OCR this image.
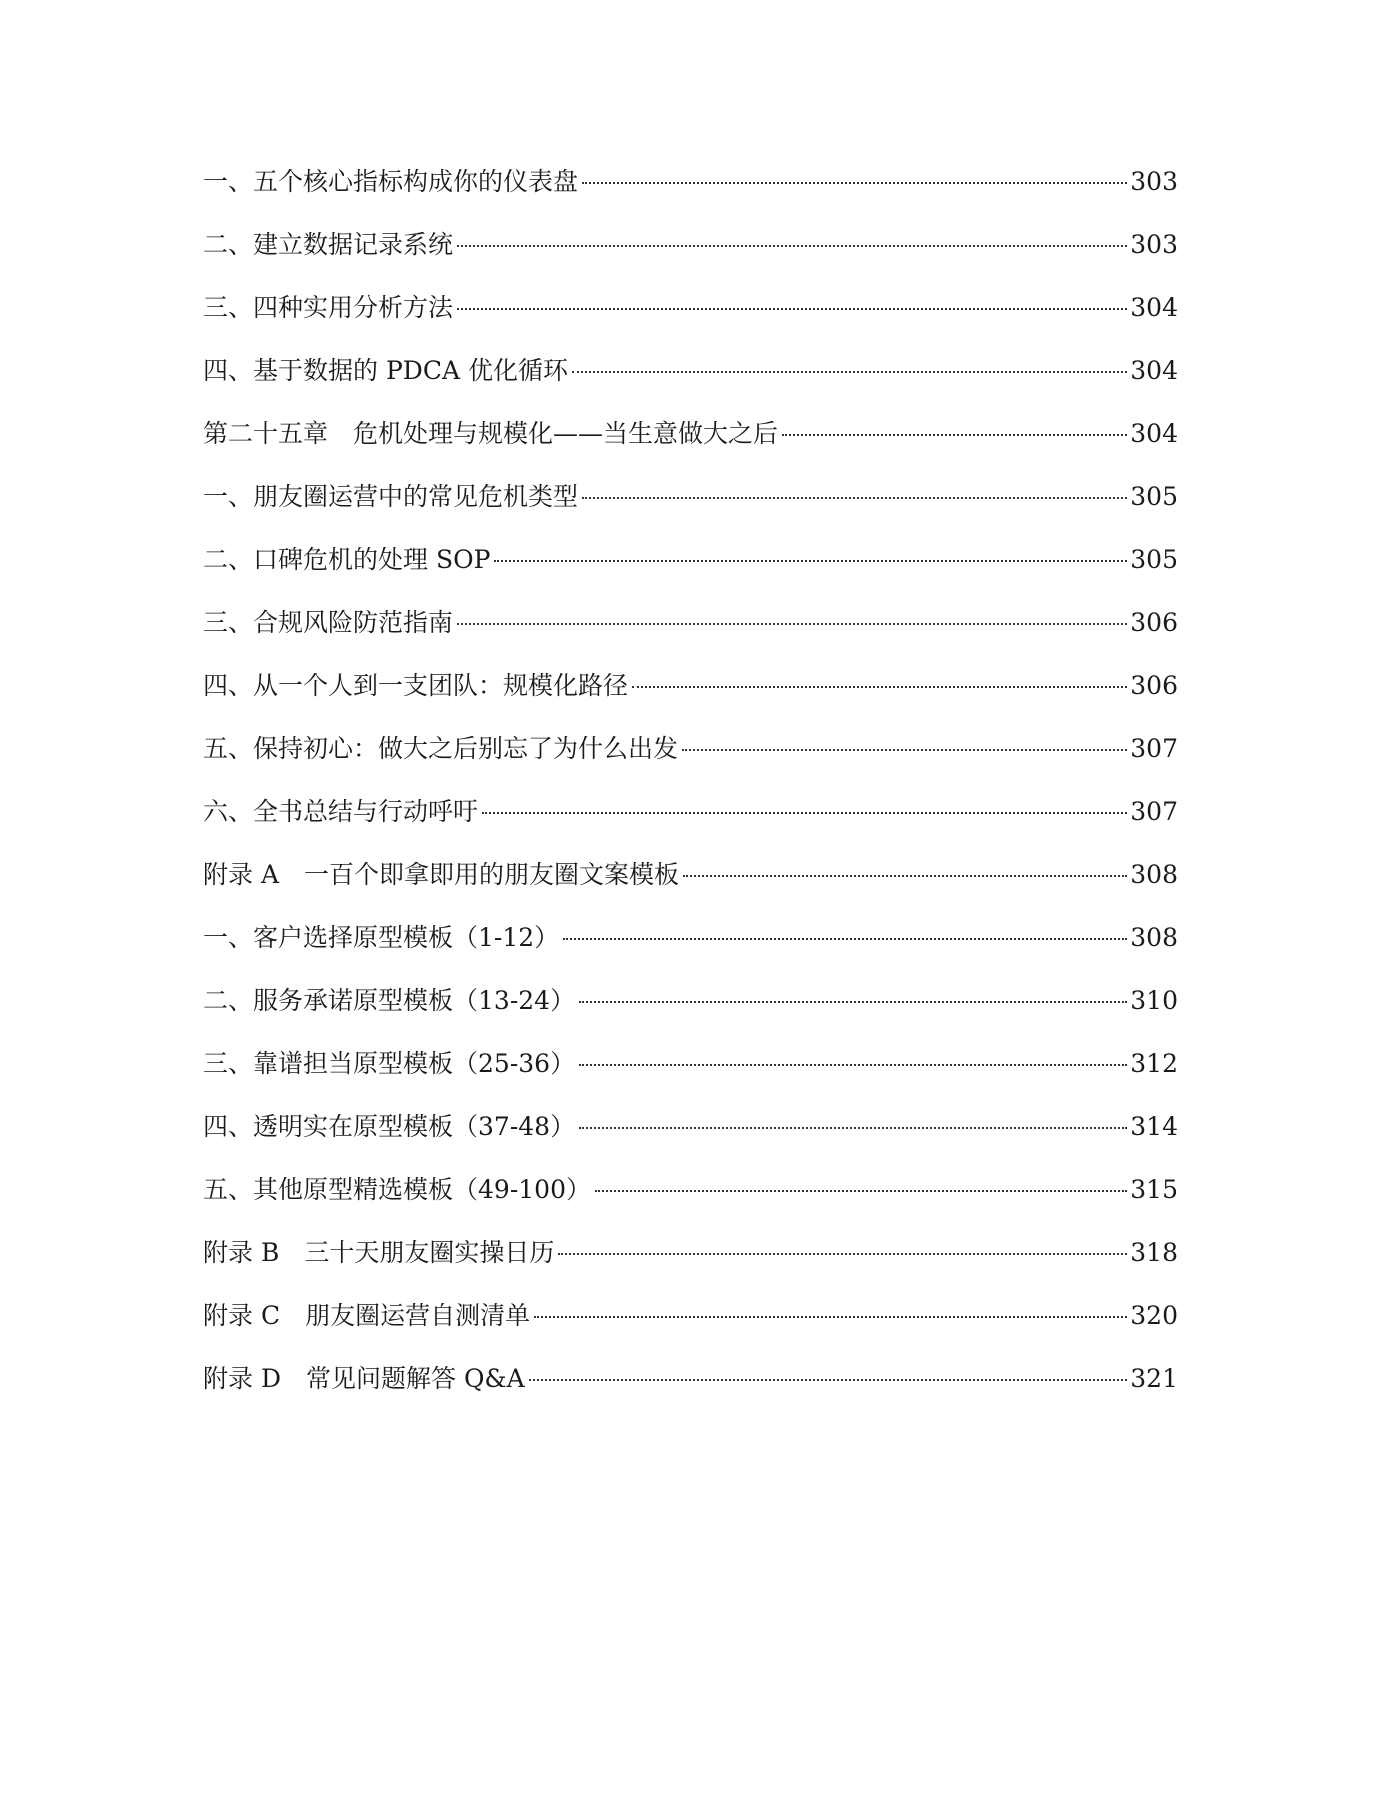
一、五个核心指标构成你的仪表盘	303
二、建立数据记录系统	303
三、四种实用分析方法	304
四、基于数据的 PDCA 优化循环	304
第二十五章　危机处理与规模化——当生意做大之后	304
一、朋友圈运营中的常见危机类型	305
二、口碑危机的处理 SOP	305
三、合规风险防范指南	306
四、从一个人到一支团队：规模化路径	306
五、保持初心：做大之后别忘了为什么出发	307
六、全书总结与行动呼吁	307
附录 A　一百个即拿即用的朋友圈文案模板	308
一、客户选择原型模板（1-12）	308
二、服务承诺原型模板（13-24）	310
三、靠谱担当原型模板（25-36）	312
四、透明实在原型模板（37-48）	314
五、其他原型精选模板（49-100）	315
附录 B　三十天朋友圈实操日历	318
附录 C　朋友圈运营自测清单	320
附录 D　常见问题解答 Q&A	321
